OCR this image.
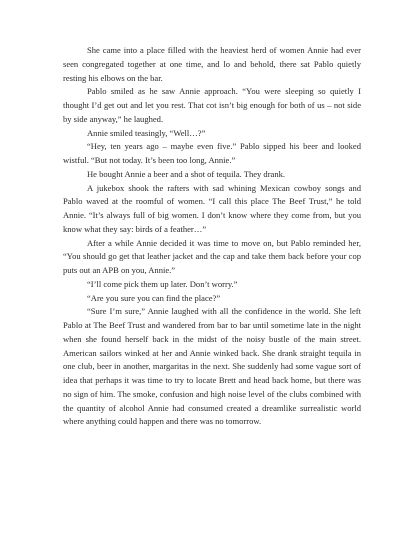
She came into a place filled with the heaviest herd of women Annie had ever seen congregated together at one time, and lo and behold, there sat Pablo quietly resting his elbows on the bar.

Pablo smiled as he saw Annie approach. “You were sleeping so quietly I thought I’d get out and let you rest. That cot isn’t big enough for both of us – not side by side anyway,” he laughed.

Annie smiled teasingly, “Well…?”

“Hey, ten years ago – maybe even five.” Pablo sipped his beer and looked wistful. “But not today. It’s been too long, Annie.”

He bought Annie a beer and a shot of tequila. They drank.

A jukebox shook the rafters with sad whining Mexican cowboy songs and Pablo waved at the roomful of women. “I call this place The Beef Trust,” he told Annie. “It’s always full of big women. I don’t know where they come from, but you know what they say: birds of a feather…”

After a while Annie decided it was time to move on, but Pablo reminded her, “You should go get that leather jacket and the cap and take them back before your cop puts out an APB on you, Annie.”

“I’ll come pick them up later. Don’t worry.”

“Are you sure you can find the place?”

“Sure I’m sure,” Annie laughed with all the confidence in the world. She left Pablo at The Beef Trust and wandered from bar to bar until sometime late in the night when she found herself back in the midst of the noisy bustle of the main street. American sailors winked at her and Annie winked back. She drank straight tequila in one club, beer in another, margaritas in the next. She suddenly had some vague sort of idea that perhaps it was time to try to locate Brett and head back home, but there was no sign of him. The smoke, confusion and high noise level of the clubs combined with the quantity of alcohol Annie had consumed created a dreamlike surrealistic world where anything could happen and there was no tomorrow.
